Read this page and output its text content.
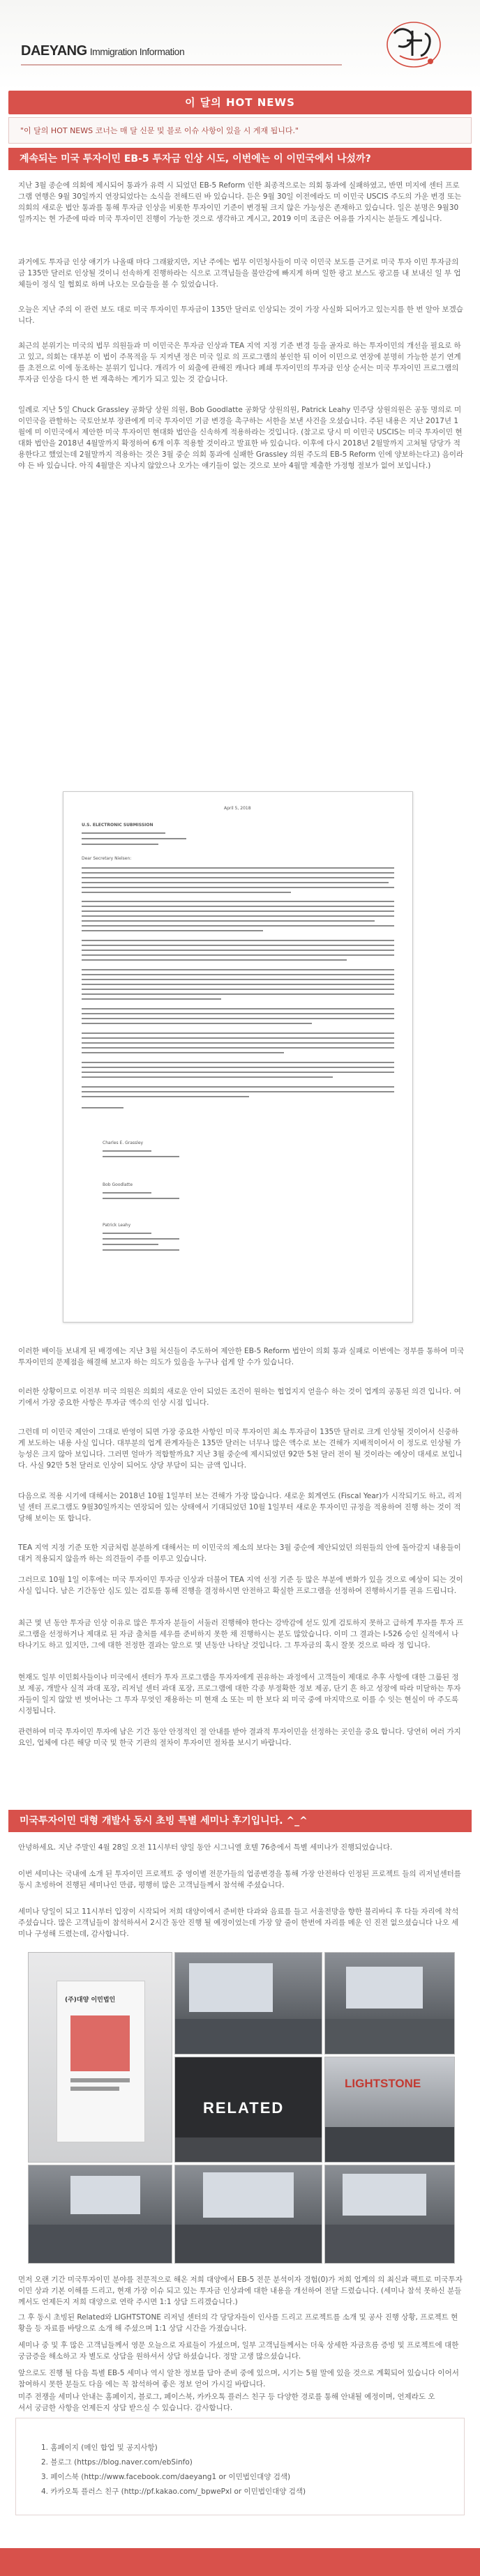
DAEYANG Immigration Information
이 달의 HOT NEWS
"이 달의 HOT NEWS 코너는 매 달 신문 및 블로 이슈 사항이 있을 시 게재 됩니다."
계속되는 미국 투자이민 EB-5 투자금 인상 시도, 이번에는 이 이민국에서 나섰까?

지난 3월 종순에 의회에 제시되어 통과가 유력 시 되었던 EB-5 Reform 인한 최종적으로는 의회 통과에 실패하였고, 반면 미지에 센터 프로그램 연행은 9월 30일까지 연장되었다는 소식을 전해드린 바 있습니다. 듣은 9월 30일 이전에라도 미 이민국 USCIS 주도의 가운 변경 또는 의회의 새로운 법안 통과를 통해 투자금 인상을 비롯한 투자이민 기준이 변경될 크지 않은 가능성은 존재하고 있습니다. 일은 분명은 9월30일까지는 현 가준에 따라 미국 투자이민 진행이 가능한 것으로 생각하고 계시고, 2019 이미 조금은 여유를 가지시는 분들도 계십니다.

과거에도 투자금 인상 얘기가 나올때 마다 그래왔지만, 지난 주에는 법무 이민청사들이 미국 이민국 보도를 근거로 미국 투자 이민 투자금의 금 135만 달러로 인상될 것이니 선속하게 진행하라는 식으로 고객님들을 불안감에 빠지게 하며 일한 광고 보스도 광고를 내 보내신 일 부 업체들이 정식 일 협회로 하며 나오는 모습들을 볼 수 있었습니다.

오늘은 지난 주의 이 관련 보도 대로 미국 투자이민 투자금이 135만 달러로 인상되는 것이 가장 사실화 되어가고 있는지를 한 번 알아 보겠습니다.

최근의 분위기는 미국의 법무 의원들과 미 이민국은 투자금 인상과 TEA 지역 지정 기준 변경 등을 골자로 하는 투자이민의 개선을 필요로 하고 있고, 의회는 대부분 이 법이 주목적을 두 지켜낸 정은 미국 일로 의 프로그램의 봉인한 뒤 이어 이민으로 연장에 분명히 가능한 분기 연계를 초전으로 이에 동조하는 분위기 입니다. 개리가 이 외출에 관해진 캐나다 폐쇄 투자이민의 투자금 인상 순서는 미국 투자이민 프로그램의 투자금 인상을 다시 한 번 재촉하는 계기가 되고 있는 것 같습니다.

일례로 지난 5일 Chuck Grassley 공화당 상원 의원, Bob Goodlatte 공화당 상원의원, Patrick Leahy 민주당 상원의원은 공동 명의로 미 이민국을 관할하는 국토안보부 장관에게 미국 투자이민 기금 변경을 촉구하는 서한을 보낸 사건을 오셨습니다. 주된 내용은 지난 2017년 1월에 미 이민국에서 제안한 미국 투자이민 현대화 법안을 신속하게 적용하라는 것입니다. (참고로 당시 미 이민국 USCIS는 미국 투자이민 현대화 법안을 2018년 4월말까지 확정하여 6개 이후 적용할 것이라고 발표한 바 있습니다. 이후에 다시 2018년 2월말까지 고쳐될 당당가 적용한다고 했었는데 2월말까지 적용하는 것은 3월 중순 의회 통과에 실패한 Grassley 의원 주도의 EB-5 Reform 인에 양보하는다고) 음이라야 든 바 있습니다. 아직 4월말은 지나지 않았으나 오가는 얘기들이 없는 것으로 보아 4월말 제출한 가정형 절보가 없어 보입니다.)

April 5, 2018
U.S. ELECTRONIC SUBMISSION
Dear Secretary Nielsen:
Charles E. Grassley
Bob Goodlatte
Patrick Leahy

이러한 배이들 보내게 된 배경에는 지난 3월 처신들이 주도하여 제안한 EB-5 Reform 법안이 의회 통과 실패로 이번에는 정부를 통하여 미국 투자이민의 문제점을 해결해 보고자 하는 의도가 있음을 누구나 쉽게 알 수가 있습니다.

이러한 상황이므로 이전부 미국 의원은 의회의 새로운 안이 되었든 조건이 원하는 협업지지 얻을수 하는 것이 업계의 공통된 의견 입니다. 여기에서 가장 중요한 사항은 투자금 액수의 인상 시점 입니다.

그런데 미 이민국 제안이 그대로 반영이 되면 가장 중요한 사항인 미국 투자이민 최소 투자금이 135만 달러로 크게 인상될 것이어서 신중하게 보도하는 내용 사실 입니다. 대부분의 업계 관계자들은 135만 달러는 너무나 많은 액수로 보는 견해가 지배적이어서 이 정도로 인상될 가능성은 크지 않아 보입니다. 그러면 얼마가 적합할까요? 지난 3월 중순에 제시되었던 92만 5천 달러 전이 될 것이라는 예상이 대세로 보입니다. 사실 92만 5천 달러로 인상이 되어도 상당 부담이 되는 금액 입니다.

다음으로 적용 시기에 대해서는 2018년 10월 1일부터 보는 견해가 가장 많습니다. 새로운 회계연도 (Fiscal Year)가 시작되기도 하고, 리저널 센터 프로그램도 9월30일까지는 연장되어 있는 상태에서 기대되었던 10월 1일부터 새로운 투자이민 규정을 적용하여 진행 하는 것이 적당해 보이는 또 합니다.

TEA 지역 지정 기준 또한 지금처럼 분분하게 대해서는 미 이민국의 제소의 보다는 3월 중순에 제안되었던 의원들의 안에 돌아갈지 내용들이 대거 적용되지 않을까 하는 의견들이 주를 이루고 있습니다.

그러므로 10월 1일 이후에는 미국 투자이민 투자금 인상과 더불어 TEA 지역 선정 기준 등 많은 부분에 변화가 있을 것으로 예상이 되는 것이 사실 입니다. 남은 기간동안 심도 있는 검토를 통해 진행을 결정하시면 안전하고 확실한 프로그램을 선정하여 진행하시기를 권유 드립니다.

최근 몇 년 동안 투자금 인상 이유로 많은 투자자 분들이 서둘러 진행해야 한다는 강박감에 섣도 있게 검토하지 못하고 급하게 투자를 투자 프로그램을 선정하거나 제대로 된 자금 출처를 세우를 준비하지 못한 채 진행하시는 분도 많았습니다. 이미 그 결과는 I-526 승인 실적에서 나타나기도 하고 있지만, 그에 대한 전정한 결과는 앞으로 몇 년동안 나타날 것입니다. 그 투자금의 혹시 잘못 것으로 따라 정 입니다.

현재도 일부 이민회사들이나 미국에서 센터가 투자 프로그램을 투자자에게 권유하는 과정에서 고객들이 제대로 추후 사항에 대한 그룹된 정보 제공, 개발사 실적 과대 포장, 리저널 센터 과대 포장, 프로그램에 대한 각종 부정확한 정보 제공, 단기 흔 하고 성장에 따라 미달하는 투자자들이 일지 않았 번 벗어나는 그 투자 무엇인 재용하는 미 현재 소 또는 미 한 보다 외 미국 중에 마지막으로 이를 수 잇는 현실이 마 주도록 시정됩니다.

관련하여 미국 투자이민 투자에 남은 기간 동안 안정적인 절 안내를 받아 결과적 투자이민을 선정하는 곳인을 중요 합니다. 당연히 여러 가지 요인, 업체에 다른 해당 미국 및 한국 기관의 절차이 투자이민 절차를 보시기 바랍니다.

미국투자이민 대형 개발사 동시 초빙 특별 세미나 후기입니다. ^_^

안녕하세요. 지난 주말인 4월 28일 오전 11시부터 양일 동안 시그니엘 호텔 76층에서 특별 세미나가 진행되었습니다.

이번 세미나는 국내에 소개 된 투자이민 프로젝트 중 영이별 전문가들의 업종변경을 통해 가장 안전하다 인정된 프로젝트 들의 리저널센터를 동시 초빙하여 진행된 세미나인 만큼, 평행히 많은 고객님들께서 참석해 주셨습니다.

세미나 당일이 되고 11시부터 입장이 시작되어 저희 대양이에서 준비한 다과와 음료를 들고 서울전망을 향한 불리바디 후 다들 자리에 착석 주셨습니다. 많은 고객님들이 참석하셔서 2시간 동안 진행 될 예정이었는데 가장 앞 줄이 한번에 자리를 메운 인 진전 없으셨습니다 나오 세미나 구성해 드렸는데, 감사합니다.

(주)대양 이민법인
RELATED
LIGHTSTONE

먼저 오랜 기간 미국투자이민 분야를 전문적으로 해온 저희 대양에서 EB-5 전문 분석이자 경험(0)가 저희 업계의 의 최신과 팩트로 미국투자이민 상과 기본 이해를 드리고, 현재 가장 이슈 되고 있는 투자금 인상과에 대한 내용을 개선하여 전달 드렸습니다. (세미나 참석 못하신 분들께서도 언제든지 저희 대양으로 연락 주시면 1:1 상담 드리겠습니다.)

그 후 동시 초빙된 Related와 LIGHTSTONE 리저널 센터의 각 당당자들이 인사를 드리고 프로젝트를 소개 및 공사 진행 상황, 프로젝트 현황을 등 자료를 바탕으로 소개 해 주셨으며 1:1 상담 시간을 가졌습니다.

세미나 중 및 후 많은 고객님들께서 영문 오늘으로 자료들이 가셨으며, 일부 고객님들께서는 더욱 상세한 자금흐름 증빙 및 프로젝트에 대한 궁금증을 해소하고 자 별도로 상담을 원하셔서 상담 하셨습니다. 정말 고생 많으셨습니다.

앞으로도 진행 될 다음 특별 EB-5 세미나 역시 알찬 정보를 담아 준비 중에 있으며, 시기는 5월 말에 있을 것으로 계획되어 있습니다 이어서 참여하시 못한 분들도 다음 에는 꼭 참석하여 좋은 정보 얻어 가시길 바랍니다.

미주 전쟁을 세미나 안내는 홈페이지, 블로그, 페이스북, 카카오톡 플러스 친구 등 다양한 경로를 통해 안내될 예정이며, 언제라도 오셔서 궁금한 사항을 언제든지 상담 받으실 수 있습니다. 감사합니다.

1. 홈페이지 (메인 합업 및 공지사항)
2. 블로그 (https://blog.naver.com/ebSinfo)
3. 페이스북 (http://www.facebook.com/daeyang1 or 이민법인대양 검색)
4. 카카오톡 플러스 친구 (http://pf.kakao.com/_bpwePxl or 이민법인대양 검색)
